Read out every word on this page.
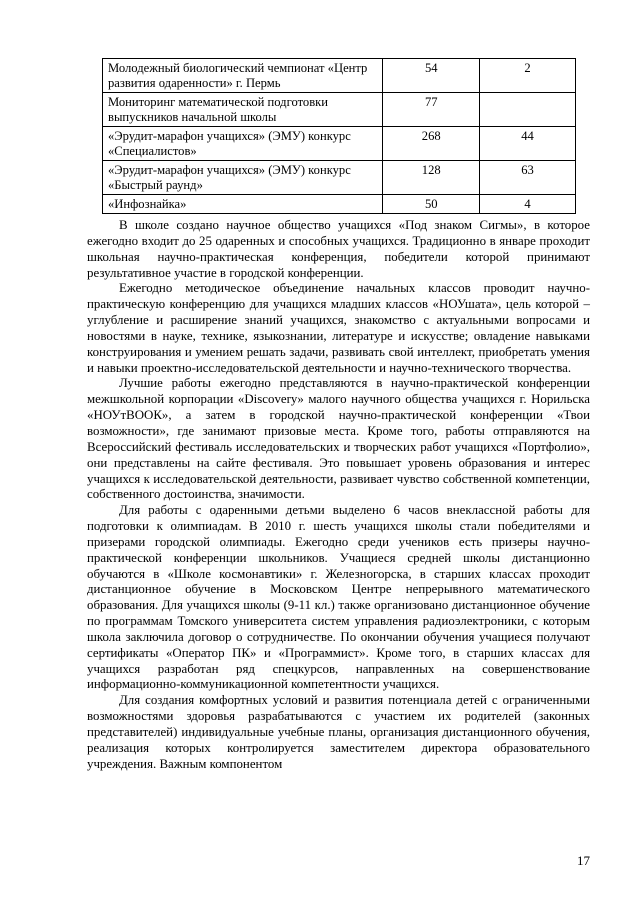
Молодежный биологический чемпионат «Центр развития одаренности» г. Пермь	54	2
Мониторинг математической подготовки выпускников начальной школы	77	
«Эрудит-марафон учащихся» (ЭМУ) конкурс «Специалистов»	268	44
«Эрудит-марафон учащихся» (ЭМУ) конкурс «Быстрый раунд»	128	63
«Инфознайка»	50	4

В школе создано научное общество учащихся «Под знаком Сигмы», в которое ежегодно входит до 25 одаренных и способных учащихся. Традиционно в январе проходит школьная научно-практическая конференция, победители которой принимают результативное участие в городской конференции.

Ежегодно методическое объединение начальных классов проводит научно-практическую конференцию для учащихся младших классов «НОУшата», цель которой – углубление и расширение знаний учащихся, знакомство с актуальными вопросами и новостями в науке, технике, языкознании, литературе и искусстве; овладение навыками конструирования и умением решать задачи, развивать свой интеллект, приобретать умения и навыки проектно-исследовательской деятельности и научно-технического творчества.

Лучшие работы ежегодно представляются в научно-практической конференции межшкольной корпорации «Discovery» малого научного общества учащихся г. Норильска «НОУтВООК», а затем в городской научно-практической конференции «Твои возможности», где занимают призовые места. Кроме того, работы отправляются на Всероссийский фестиваль исследовательских и творческих работ учащихся «Портфолио», они представлены на сайте фестиваля. Это повышает уровень образования и интерес учащихся к исследовательской деятельности, развивает чувство собственной компетенции, собственного достоинства, значимости.

Для работы с одаренными детьми выделено 6 часов внеклассной работы для подготовки к олимпиадам. В 2010 г. шесть учащихся школы стали победителями и призерами городской олимпиады. Ежегодно среди учеников есть призеры научно-практической конференции школьников. Учащиеся средней школы дистанционно обучаются в «Школе космонавтики» г. Железногорска, в старших классах проходит дистанционное обучение в Московском Центре непрерывного математического образования. Для учащихся школы (9-11 кл.) также организовано дистанционное обучение по программам Томского университета систем управления радиоэлектроники, с которым школа заключила договор о сотрудничестве. По окончании обучения учащиеся получают сертификаты «Оператор ПК» и «Программист». Кроме того, в старших классах для учащихся разработан ряд спецкурсов, направленных на совершенствование информационно-коммуникационной компетентности учащихся.

Для создания комфортных условий и развития потенциала детей с ограниченными возможностями здоровья разрабатываются с участием их родителей (законных представителей) индивидуальные учебные планы, организация дистанционного обучения, реализация которых контролируется заместителем директора образовательного учреждения. Важным компонентом

17
